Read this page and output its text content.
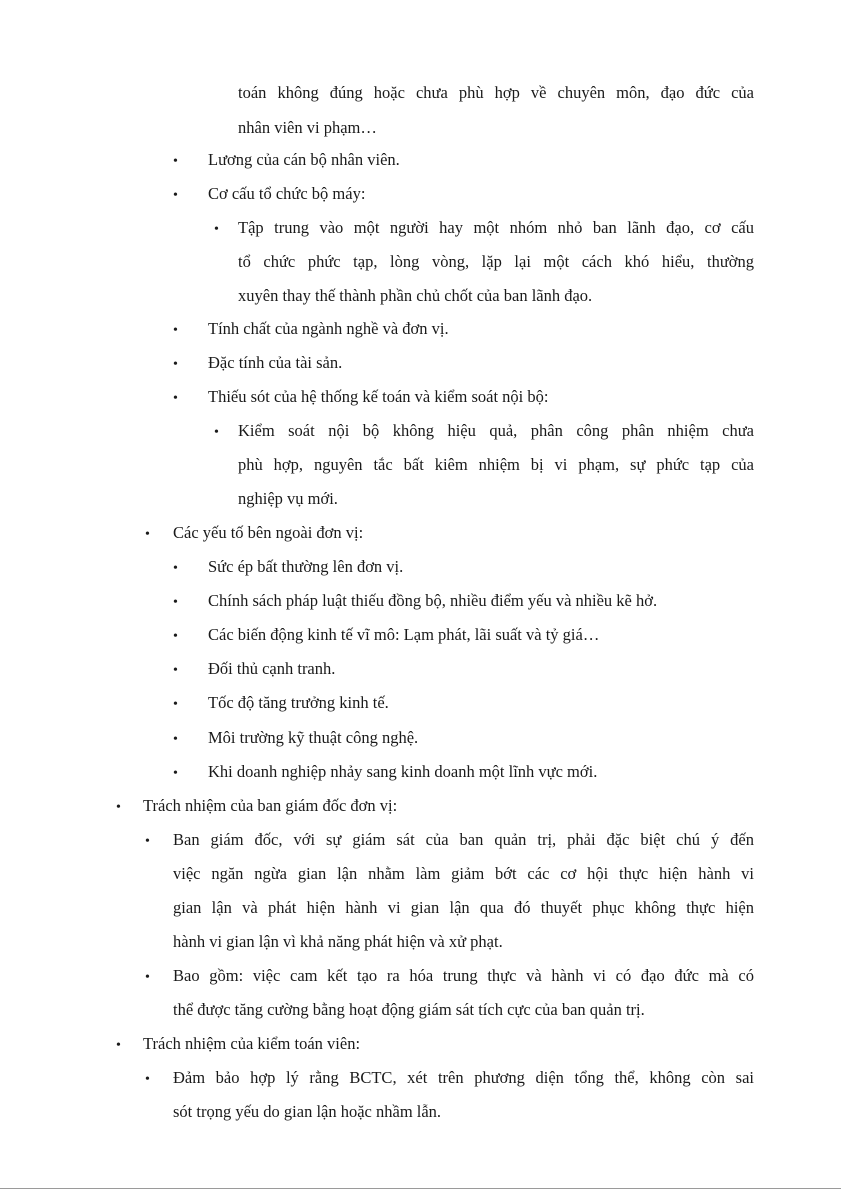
toán không đúng hoặc chưa phù hợp về chuyên môn, đạo đức của
nhân viên vi phạm…
• Lương của cán bộ nhân viên.
• Cơ cấu tổ chức bộ máy:
• Tập trung vào một người hay một nhóm nhỏ ban lãnh đạo, cơ cấu
tổ chức phức tạp, lòng vòng, lặp lại một cách khó hiểu, thường
xuyên thay thế thành phần chủ chốt của ban lãnh đạo.
• Tính chất của ngành nghề và đơn vị.
• Đặc tính của tài sản.
• Thiếu sót của hệ thống kế toán và kiểm soát nội bộ:
• Kiểm soát nội bộ không hiệu quả, phân công phân nhiệm chưa
phù hợp, nguyên tắc bất kiêm nhiệm bị vi phạm, sự phức tạp của
nghiệp vụ mới.
• Các yếu tố bên ngoài đơn vị:
• Sức ép bất thường lên đơn vị.
• Chính sách pháp luật thiếu đồng bộ, nhiều điểm yếu và nhiều kẽ hở.
• Các biến động kinh tế vĩ mô: Lạm phát, lãi suất và tỷ giá…
• Đối thủ cạnh tranh.
• Tốc độ tăng trưởng kinh tế.
• Môi trường kỹ thuật công nghệ.
• Khi doanh nghiệp nhảy sang kinh doanh một lĩnh vực mới.
• Trách nhiệm của ban giám đốc đơn vị:
• Ban giám đốc, với sự giám sát của ban quản trị, phải đặc biệt chú ý đến
việc ngăn ngừa gian lận nhằm làm giảm bớt các cơ hội thực hiện hành vi
gian lận và phát hiện hành vi gian lận qua đó thuyết phục không thực hiện
hành vi gian lận vì khả năng phát hiện và xử phạt.
• Bao gồm: việc cam kết tạo ra hóa trung thực và hành vi có đạo đức mà có
thể được tăng cường bằng hoạt động giám sát tích cực của ban quản trị.
• Trách nhiệm của kiểm toán viên:
• Đảm bảo hợp lý rằng BCTC, xét trên phương diện tổng thể, không còn sai
sót trọng yếu do gian lận hoặc nhầm lẫn.
